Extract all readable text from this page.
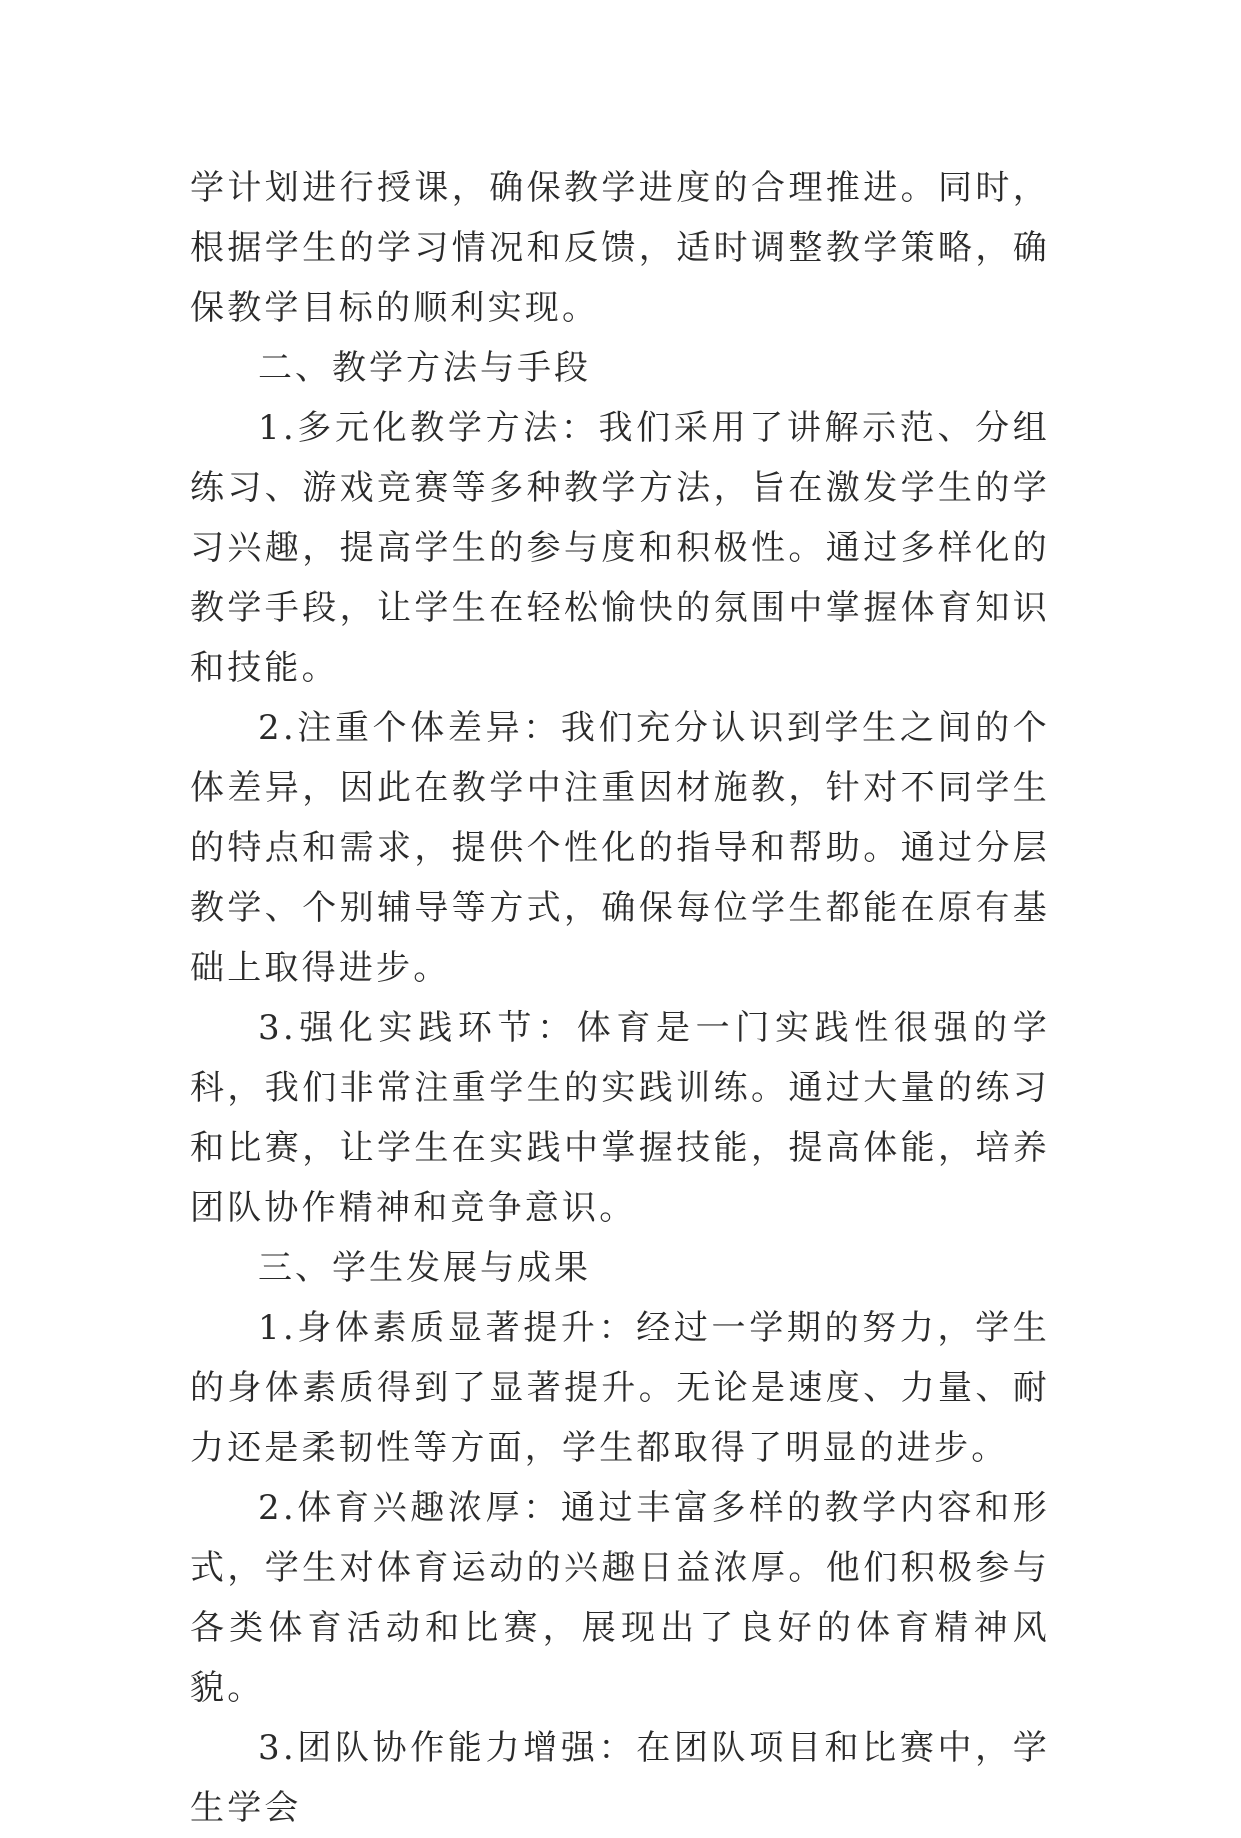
学计划进行授课，确保教学进度的合理推进。同时，根据学生的学习情况和反馈，适时调整教学策略，确保教学目标的顺利实现。

二、教学方法与手段

1.多元化教学方法：我们采用了讲解示范、分组练习、游戏竞赛等多种教学方法，旨在激发学生的学习兴趣，提高学生的参与度和积极性。通过多样化的教学手段，让学生在轻松愉快的氛围中掌握体育知识和技能。

2.注重个体差异：我们充分认识到学生之间的个体差异，因此在教学中注重因材施教，针对不同学生的特点和需求，提供个性化的指导和帮助。通过分层教学、个别辅导等方式，确保每位学生都能在原有基础上取得进步。

3.强化实践环节：体育是一门实践性很强的学科，我们非常注重学生的实践训练。通过大量的练习和比赛，让学生在实践中掌握技能，提高体能，培养团队协作精神和竞争意识。

三、学生发展与成果

1.身体素质显著提升：经过一学期的努力，学生的身体素质得到了显著提升。无论是速度、力量、耐力还是柔韧性等方面，学生都取得了明显的进步。

2.体育兴趣浓厚：通过丰富多样的教学内容和形式，学生对体育运动的兴趣日益浓厚。他们积极参与各类体育活动和比赛，展现出了良好的体育精神风貌。

3.团队协作能力增强：在团队项目和比赛中，学生学会
